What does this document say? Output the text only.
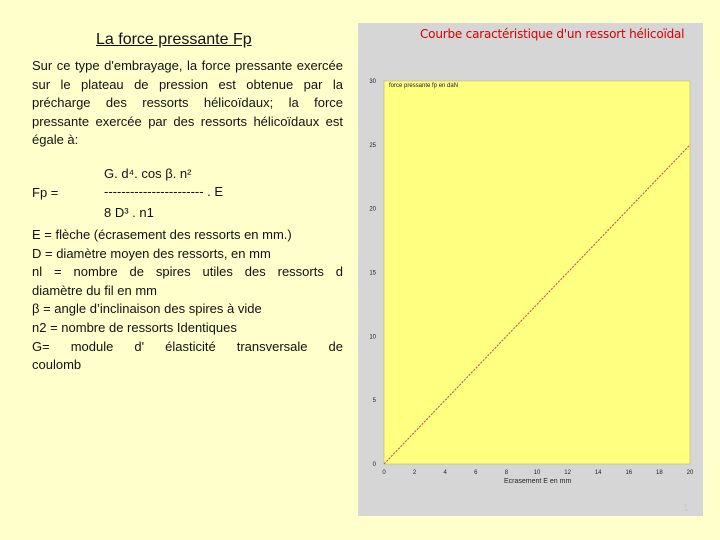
La force pressante Fp
Sur ce type d'embrayage, la force pressante exercée sur le plateau de pression est obtenue par la précharge des ressorts hélicoïdaux; la force pressante exercée par des ressorts hélicoïdaux est égale à:
G. d⁴. cos β. n²
Fp =	----------------------- . E
8 D³ . n1
E = flèche (écrasement des ressorts en mm.)
D = diamètre moyen des ressorts, en mm
nl = nombre de spires utiles des ressorts d
diamètre du fil en mm
β = angle d’inclinaison des spires à vide
n2 = nombre de ressorts Identiques
G= module d' élasticité transversale de
coulomb
0
5
10
15
20
25
30
0	2	4	6	8	10	12	14	16	18	20
Courbe caractéristique d'un ressort hélicoïdal
force pressante fp en daN
Ecrasement E en mm
1
